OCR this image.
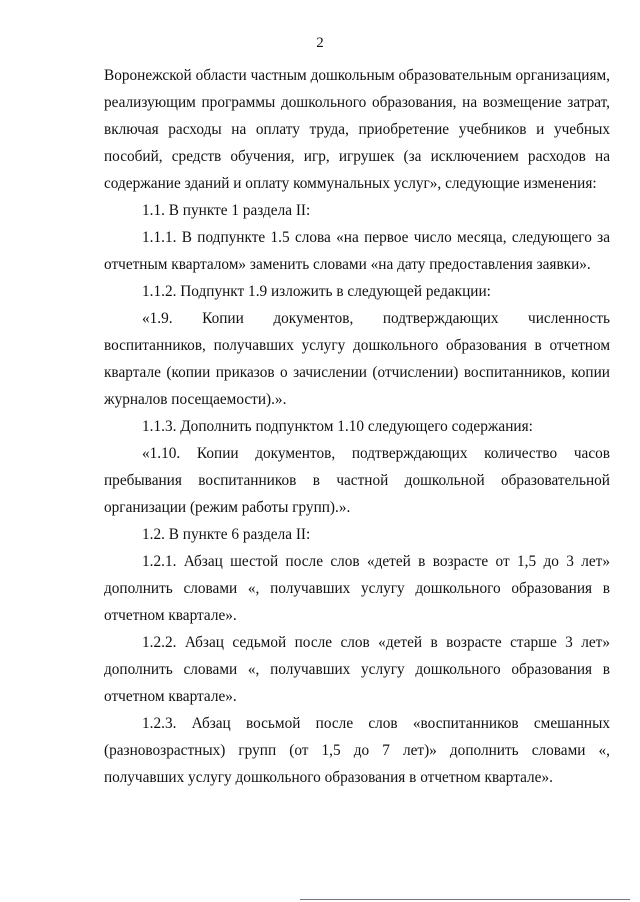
2

Воронежской области частным дошкольным образовательным организациям, реализующим программы дошкольного образования, на возмещение затрат, включая расходы на оплату труда, приобретение учебников и учебных пособий, средств обучения, игр, игрушек (за исключением расходов на содержание зданий и оплату коммунальных услуг», следующие изменения:

1.1. В пункте 1 раздела II:

1.1.1. В подпункте 1.5 слова «на первое число месяца, следующего за отчетным кварталом» заменить словами «на дату предоставления заявки».

1.1.2. Подпункт 1.9 изложить в следующей редакции:

«1.9. Копии документов, подтверждающих численность воспитанников, получавших услугу дошкольного образования в отчетном квартале (копии приказов о зачислении (отчислении) воспитанников, копии журналов посещаемости).».

1.1.3. Дополнить подпунктом 1.10 следующего содержания:

«1.10. Копии документов, подтверждающих количество часов пребывания воспитанников в частной дошкольной образовательной организации (режим работы групп).».

1.2. В пункте 6 раздела II:

1.2.1. Абзац шестой после слов «детей в возрасте от 1,5 до 3 лет» дополнить словами «, получавших услугу дошкольного образования в отчетном квартале».

1.2.2. Абзац седьмой после слов «детей в возрасте старше 3 лет» дополнить словами «, получавших услугу дошкольного образования в отчетном квартале».

1.2.3. Абзац восьмой после слов «воспитанников смешанных (разновозрастных) групп (от 1,5 до 7 лет)» дополнить словами «, получавших услугу дошкольного образования в отчетном квартале».
